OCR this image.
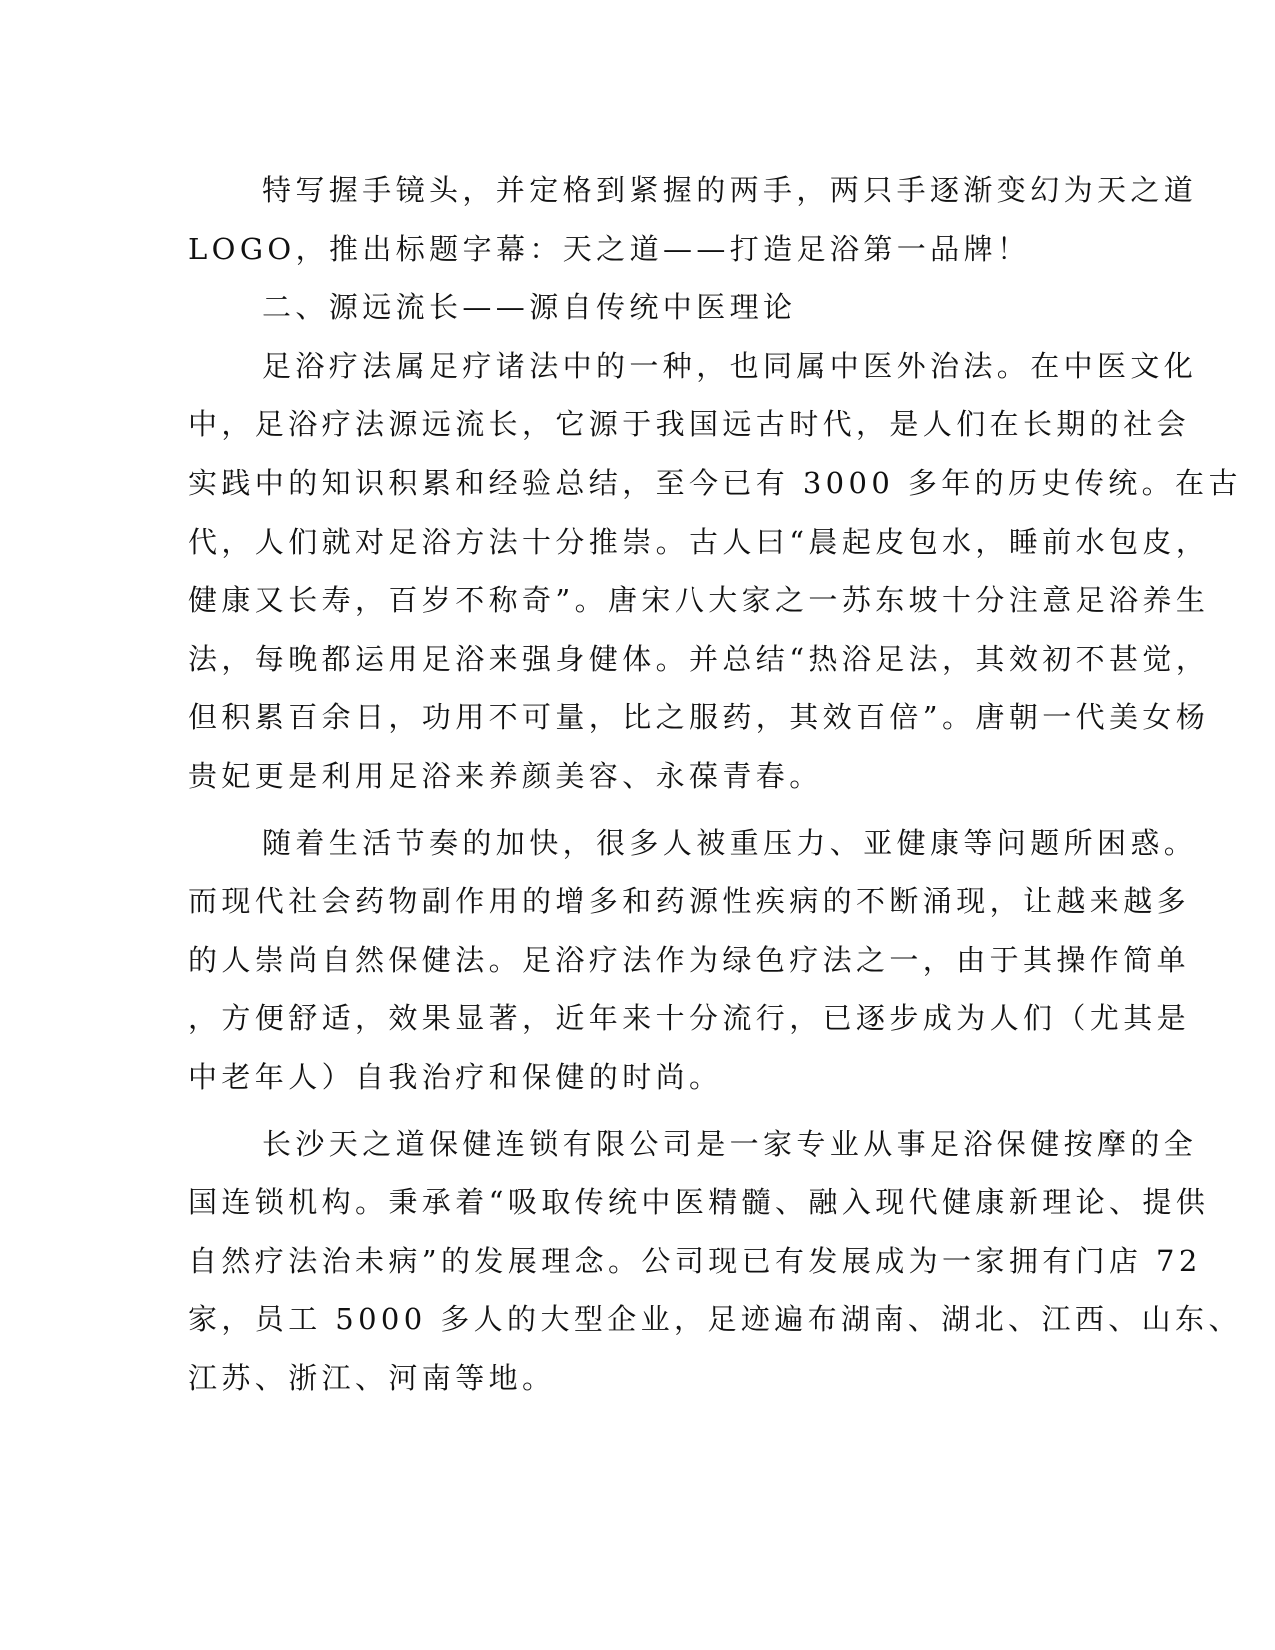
特写握手镜头，并定格到紧握的两手，两只手逐渐变幻为天之道
LOGO，推出标题字幕：天之道——打造足浴第一品牌！
二、源远流长——源自传统中医理论
足浴疗法属足疗诸法中的一种，也同属中医外治法。在中医文化
中，足浴疗法源远流长，它源于我国远古时代，是人们在长期的社会
实践中的知识积累和经验总结，至今已有 3000 多年的历史传统。在古
代，人们就对足浴方法十分推崇。古人曰“晨起皮包水，睡前水包皮，
健康又长寿，百岁不称奇”。唐宋八大家之一苏东坡十分注意足浴养生
法，每晚都运用足浴来强身健体。并总结“热浴足法，其效初不甚觉，
但积累百余日，功用不可量，比之服药，其效百倍”。唐朝一代美女杨
贵妃更是利用足浴来养颜美容、永葆青春。
随着生活节奏的加快，很多人被重压力、亚健康等问题所困惑。
而现代社会药物副作用的增多和药源性疾病的不断涌现，让越来越多
的人崇尚自然保健法。足浴疗法作为绿色疗法之一，由于其操作简单
，方便舒适，效果显著，近年来十分流行，已逐步成为人们（尤其是
中老年人）自我治疗和保健的时尚。
长沙天之道保健连锁有限公司是一家专业从事足浴保健按摩的全
国连锁机构。秉承着“吸取传统中医精髓、融入现代健康新理论、提供
自然疗法治未病”的发展理念。公司现已有发展成为一家拥有门店 72
家，员工 5000 多人的大型企业，足迹遍布湖南、湖北、江西、山东、
江苏、浙江、河南等地。
